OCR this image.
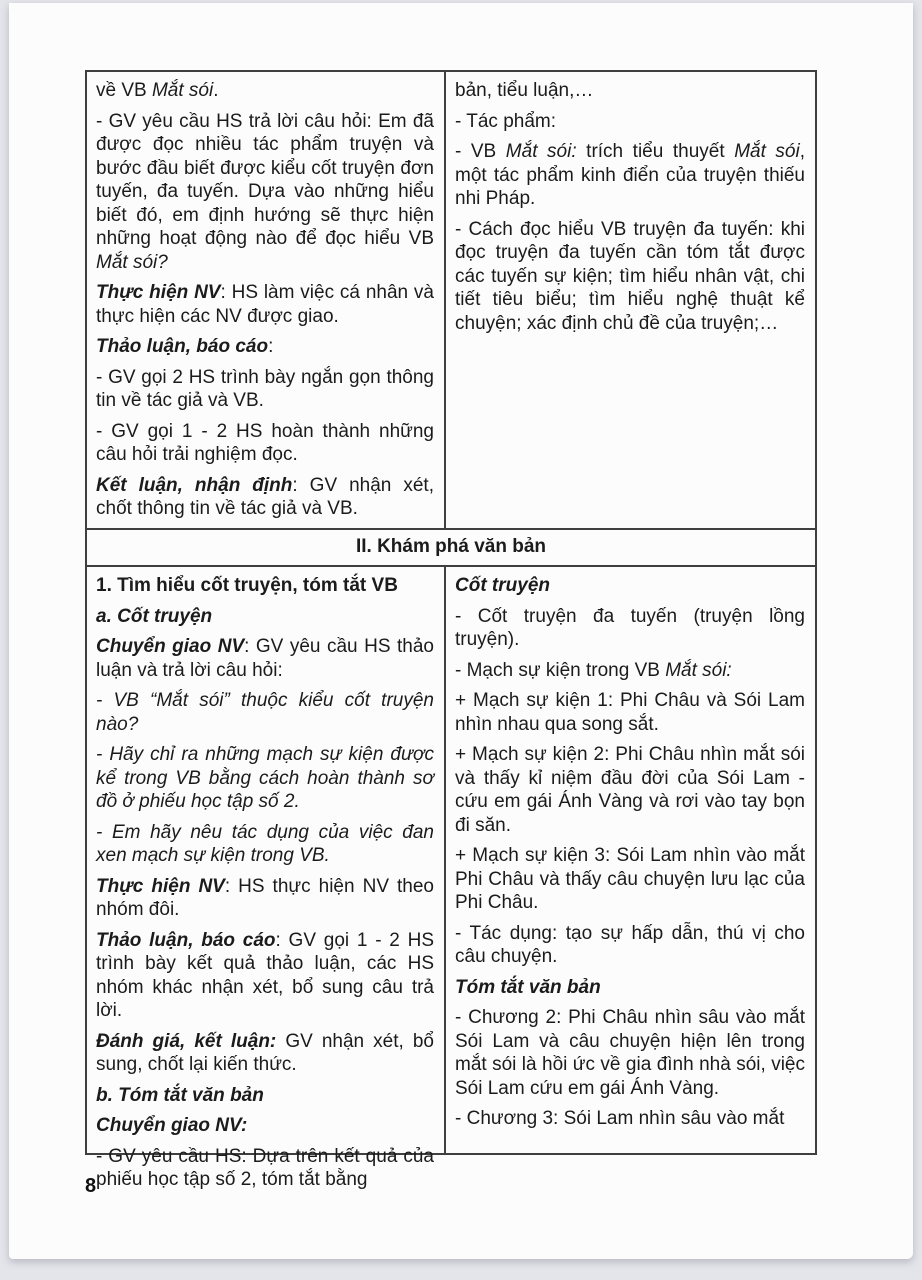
về VB Mắt sói.

- GV yêu cầu HS trả lời câu hỏi: Em đã được đọc nhiều tác phẩm truyện và bước đầu biết được kiểu cốt truyện đơn tuyến, đa tuyến. Dựa vào những hiểu biết đó, em định hướng sẽ thực hiện những hoạt động nào để đọc hiểu VB Mắt sói?

Thực hiện NV: HS làm việc cá nhân và thực hiện các NV được giao.

Thảo luận, báo cáo:

- GV gọi 2 HS trình bày ngắn gọn thông tin về tác giả và VB.

- GV gọi 1 - 2 HS hoàn thành những câu hỏi trải nghiệm đọc.

Kết luận, nhận định: GV nhận xét, chốt thông tin về tác giả và VB.

bản, tiểu luận,…

- Tác phẩm:

- VB Mắt sói: trích tiểu thuyết Mắt sói, một tác phẩm kinh điển của truyện thiếu nhi Pháp.

- Cách đọc hiểu VB truyện đa tuyến: khi đọc truyện đa tuyến cần tóm tắt được các tuyến sự kiện; tìm hiểu nhân vật, chi tiết tiêu biểu; tìm hiểu nghệ thuật kể chuyện; xác định chủ đề của truyện;…

II. Khám phá văn bản

1. Tìm hiểu cốt truyện, tóm tắt VB

a. Cốt truyện

Chuyển giao NV: GV yêu cầu HS thảo luận và trả lời câu hỏi:

- VB “Mắt sói” thuộc kiểu cốt truyện nào?

- Hãy chỉ ra những mạch sự kiện được kể trong VB bằng cách hoàn thành sơ đồ ở phiếu học tập số 2.

- Em hãy nêu tác dụng của việc đan xen mạch sự kiện trong VB.

Thực hiện NV: HS thực hiện NV theo nhóm đôi.

Thảo luận, báo cáo: GV gọi 1 - 2 HS trình bày kết quả thảo luận, các HS nhóm khác nhận xét, bổ sung câu trả lời.

Đánh giá, kết luận: GV nhận xét, bổ sung, chốt lại kiến thức.

b. Tóm tắt văn bản

Chuyển giao NV:

- GV yêu cầu HS: Dựa trên kết quả của phiếu học tập số 2, tóm tắt bằng

Cốt truyện

- Cốt truyện đa tuyến (truyện lồng truyện).

- Mạch sự kiện trong VB Mắt sói:

+ Mạch sự kiện 1: Phi Châu và Sói Lam nhìn nhau qua song sắt.

+ Mạch sự kiện 2: Phi Châu nhìn mắt sói và thấy kỉ niệm đầu đời của Sói Lam - cứu em gái Ánh Vàng và rơi vào tay bọn đi săn.

+ Mạch sự kiện 3: Sói Lam nhìn vào mắt Phi Châu và thấy câu chuyện lưu lạc của Phi Châu.

- Tác dụng: tạo sự hấp dẫn, thú vị cho câu chuyện.

Tóm tắt văn bản

- Chương 2: Phi Châu nhìn sâu vào mắt Sói Lam và câu chuyện hiện lên trong mắt sói là hồi ức về gia đình nhà sói, việc Sói Lam cứu em gái Ánh Vàng.

- Chương 3: Sói Lam nhìn sâu vào mắt

8
